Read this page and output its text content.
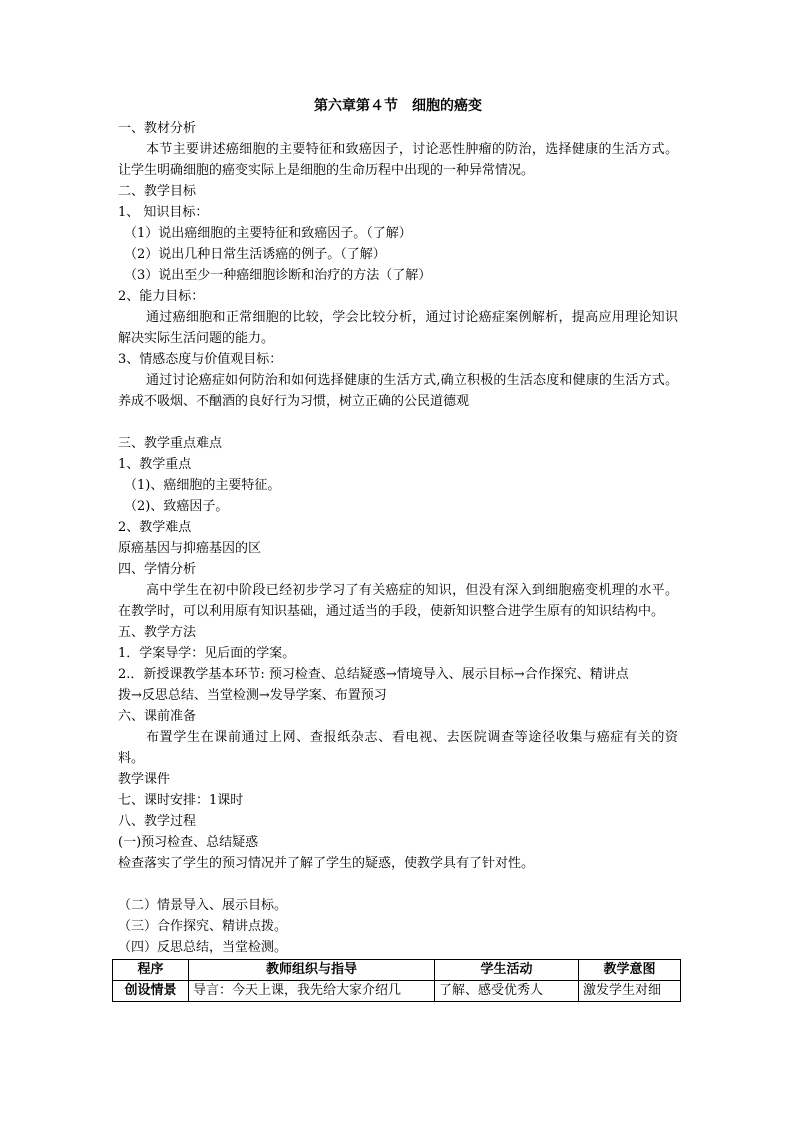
第六章第４节　细胞的癌变
一、教材分析
本节主要讲述癌细胞的主要特征和致癌因子，讨论恶性肿瘤的防治，选择健康的生活方式。让学生明确细胞的癌变实际上是细胞的生命历程中出现的一种异常情况。
二、教学目标
1、 知识目标：
（1）说出癌细胞的主要特征和致癌因子。（了解）
（2）说出几种日常生活诱癌的例子。（了解）
（3）说出至少一种癌细胞诊断和治疗的方法（了解）
2、能力目标：
通过癌细胞和正常细胞的比较，学会比较分析，通过讨论癌症案例解析，提高应用理论知识解决实际生活问题的能力。
3、情感态度与价值观目标：
通过讨论癌症如何防治和如何选择健康的生活方式,确立积极的生活态度和健康的生活方式。养成不吸烟、不酗酒的良好行为习惯，树立正确的公民道德观
三、教学重点难点
1、教学重点
（1)、癌细胞的主要特征。
（2)、致癌因子。
2、教学难点
原癌基因与抑癌基因的区
四、学情分析
高中学生在初中阶段已经初步学习了有关癌症的知识，但没有深入到细胞癌变机理的水平。在教学时，可以利用原有知识基础，通过适当的手段，使新知识整合进学生原有的知识结构中。
五、教学方法
1．学案导学：见后面的学案。
2.．新授课教学基本环节: 预习检查、总结疑惑→情境导入、展示目标→合作探究、精讲点
拨→反思总结、当堂检测→发导学案、布置预习
六、课前准备
布置学生在课前通过上网、查报纸杂志、看电视、去医院调查等途径收集与癌症有关的资料。
教学课件
七、课时安排：1课时
八、教学过程
(一)预习检查、总结疑惑
检查落实了学生的预习情况并了解了学生的疑惑，使教学具有了针对性。
（二）情景导入、展示目标。
（三）合作探究、精讲点拨。
（四）反思总结，当堂检测。
程序	教师组织与指导	学生活动	教学意图
创设情景	导言：今天上课，我先给大家介绍几	了解、感受优秀人	激发学生对细
